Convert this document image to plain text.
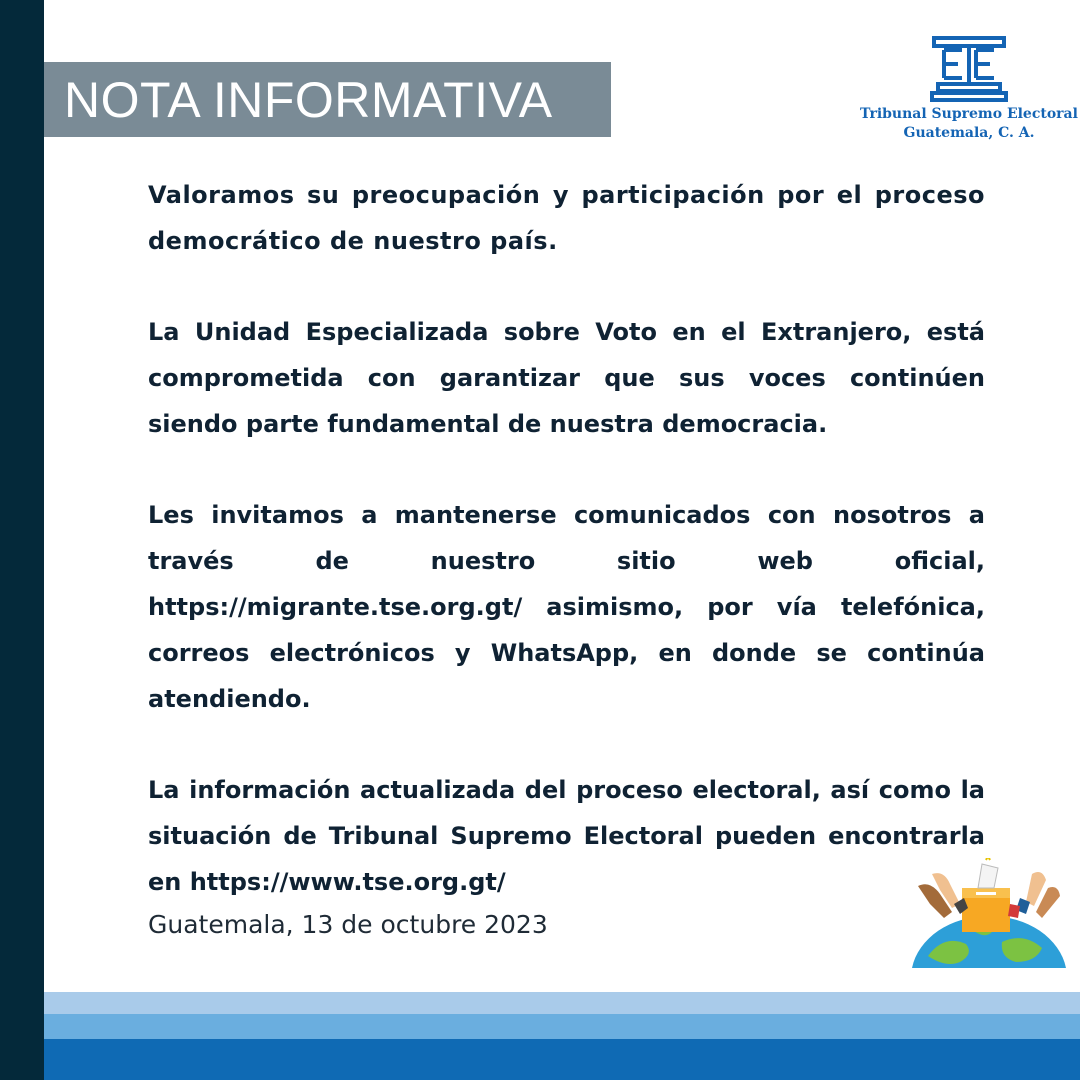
NOTA INFORMATIVA	Tribunal Supremo Electoral
Guatemala, C. A.

Valoramos su preocupación y participación por el proceso democrático de nuestro país.

La Unidad Especializada sobre Voto en el Extranjero, está comprometida con garantizar que sus voces continúen siendo parte fundamental de nuestra democracia.

Les invitamos a mantenerse comunicados con nosotros a través de nuestro sitio web oficial, https://migrante.tse.org.gt/ asimismo, por vía telefónica, correos electrónicos y WhatsApp, en donde se continúa atendiendo.

La información actualizada del proceso electoral, así como la situación de Tribunal Supremo Electoral pueden encontrarla en https://www.tse.org.gt/

Guatemala, 13 de octubre 2023
